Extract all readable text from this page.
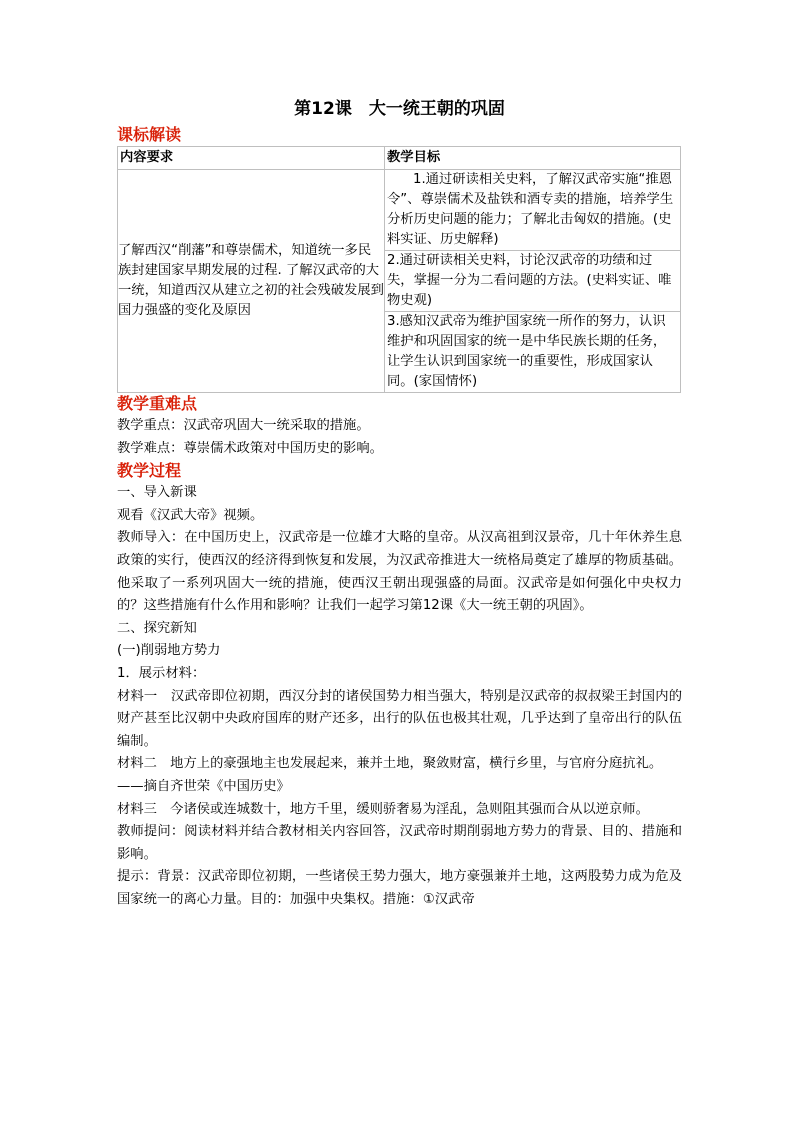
第12课　大一统王朝的巩固
课标解读
内容要求	教学目标
了解西汉“削藩”和尊崇儒术，知道统一多民族封建国家早期发展的过程. 了解汉武帝的大一统，知道西汉从建立之初的社会残破发展到国力强盛的变化及原因	1.通过研读相关史料，了解汉武帝实施“推恩令”、尊崇儒术及盐铁和酒专卖的措施，培养学生分析历史问题的能力；了解北击匈奴的措施。(史料实证、历史解释)
	2.通过研读相关史料，讨论汉武帝的功绩和过失，掌握一分为二看问题的方法。(史料实证、唯物史观)
	3.感知汉武帝为维护国家统一所作的努力，认识维护和巩固国家的统一是中华民族长期的任务，让学生认识到国家统一的重要性，形成国家认同。(家国情怀)
教学重难点

教学重点：汉武帝巩固大一统采取的措施。

教学难点：尊崇儒术政策对中国历史的影响。

教学过程

一、导入新课

观看《汉武大帝》视频。

教师导入：在中国历史上，汉武帝是一位雄才大略的皇帝。从汉高祖到汉景帝，几十年休养生息政策的实行，使西汉的经济得到恢复和发展，为汉武帝推进大一统格局奠定了雄厚的物质基础。他采取了一系列巩固大一统的措施，使西汉王朝出现强盛的局面。汉武帝是如何强化中央权力的？这些措施有什么作用和影响？让我们一起学习第12课《大一统王朝的巩固》。

二、探究新知

(一)削弱地方势力

1．展示材料：

材料一　汉武帝即位初期，西汉分封的诸侯国势力相当强大，特别是汉武帝的叔叔梁王封国内的财产甚至比汉朝中央政府国库的财产还多，出行的队伍也极其壮观，几乎达到了皇帝出行的队伍编制。

材料二　地方上的豪强地主也发展起来，兼并土地，聚敛财富，横行乡里，与官府分庭抗礼。

——摘自齐世荣《中国历史》

材料三　今诸侯或连城数十，地方千里，缓则骄奢易为淫乱，急则阻其强而合从以逆京师。

教师提问：阅读材料并结合教材相关内容回答，汉武帝时期削弱地方势力的背景、目的、措施和影响。

提示：背景：汉武帝即位初期，一些诸侯王势力强大，地方豪强兼并土地，这两股势力成为危及国家统一的离心力量。目的：加强中央集权。措施：①汉武帝
